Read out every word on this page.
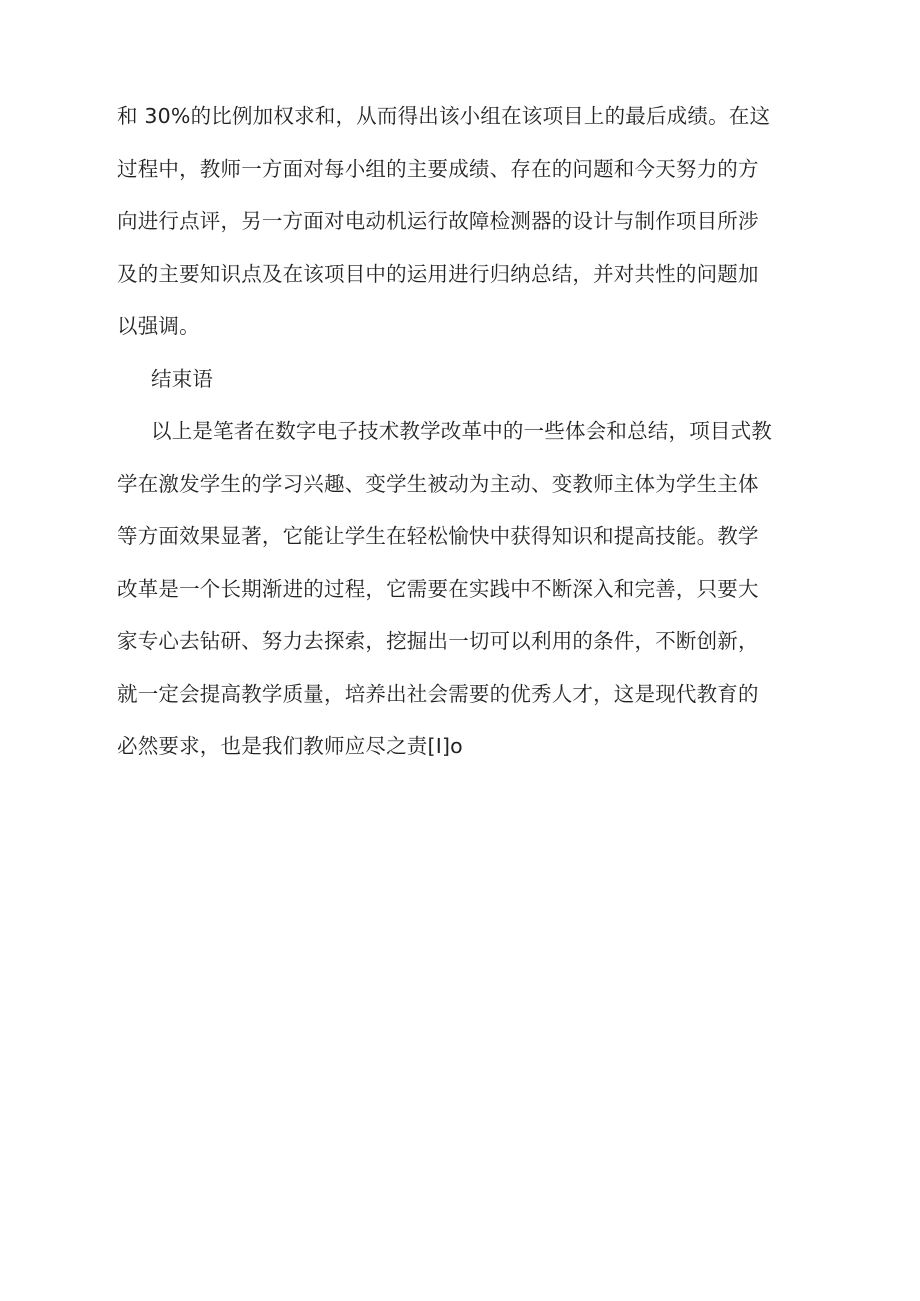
和 30%的比例加权求和，从而得出该小组在该项目上的最后成绩。在这
过程中，教师一方面对每小组的主要成绩、存在的问题和今天努力的方
向进行点评，另一方面对电动机运行故障检测器的设计与制作项目所涉
及的主要知识点及在该项目中的运用进行归纳总结，并对共性的问题加
以强调。
结束语
以上是笔者在数字电子技术教学改革中的一些体会和总结，项目式教
学在激发学生的学习兴趣、变学生被动为主动、变教师主体为学生主体
等方面效果显著，它能让学生在轻松愉快中获得知识和提高技能。教学
改革是一个长期渐进的过程，它需要在实践中不断深入和完善，只要大
家专心去钻研、努力去探索，挖掘出一切可以利用的条件，不断创新，
就一定会提高教学质量，培养出社会需要的优秀人才，这是现代教育的
必然要求，也是我们教师应尽之责[I]o
